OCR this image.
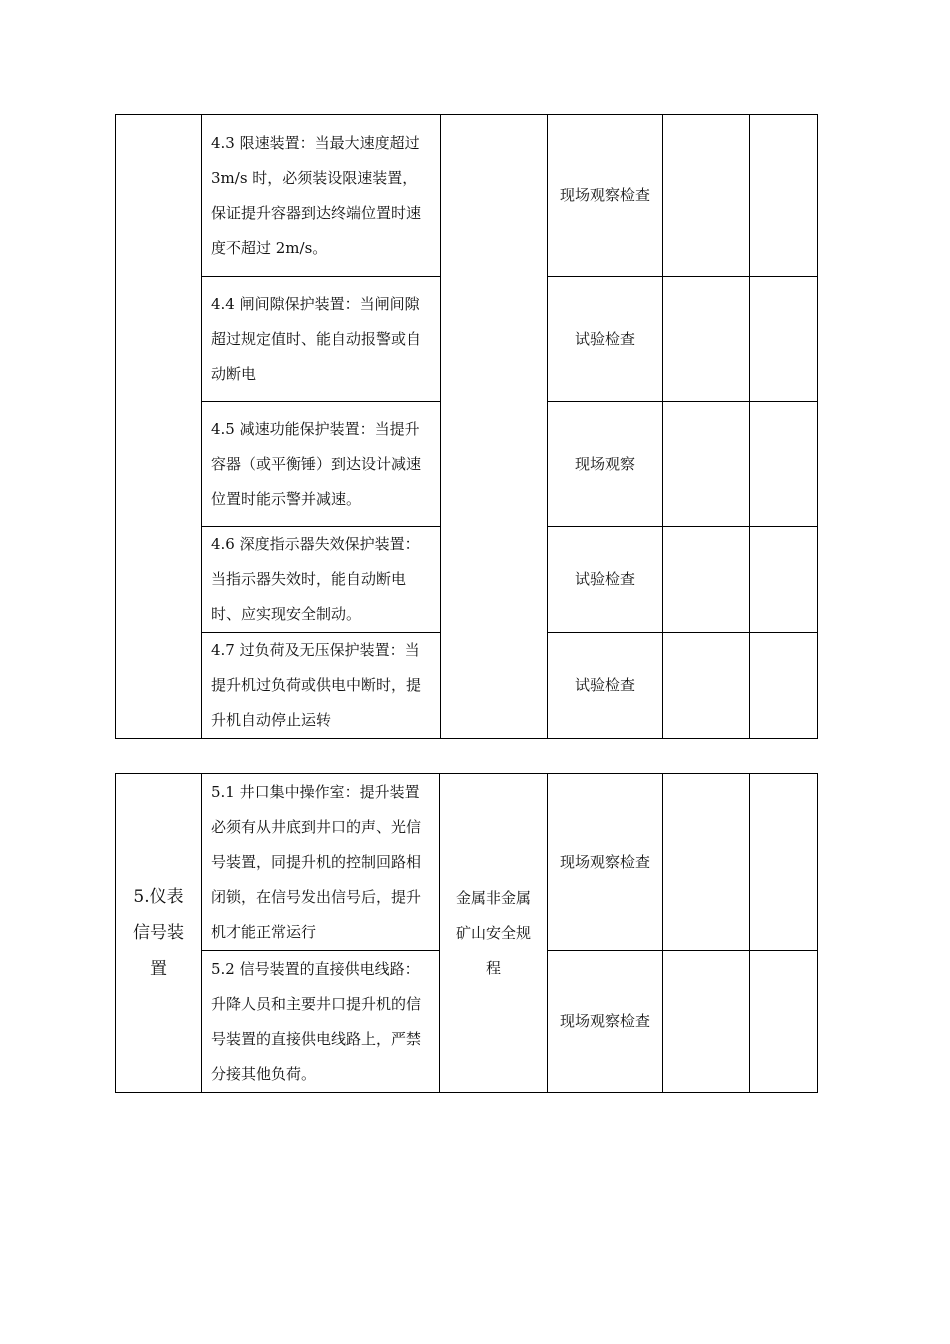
	4.3 限速装置：当最大速度超过 3m/s 时，必须装设限速装置，保证提升容器到达终端位置时速度不超过 2m/s。		现场观察检查		
	4.4 闸间隙保护装置：当闸间隙超过规定值时、能自动报警或自动断电		试验检查		
	4.5 减速功能保护装置：当提升容器（或平衡锤）到达设计减速位置时能示警并减速。		现场观察		
	4.6 深度指示器失效保护装置：当指示器失效时，能自动断电时、应实现安全制动。		试验检查		
	4.7 过负荷及无压保护装置：当提升机过负荷或供电中断时，提升机自动停止运转		试验检查		
5.仪表信号装置	5.1 井口集中操作室：提升装置必须有从井底到井口的声、光信号装置，同提升机的控制回路相闭锁，在信号发出信号后，提升机才能正常运行	金属非金属矿山安全规程	现场观察检查		
	5.2 信号装置的直接供电线路：升降人员和主要井口提升机的信号装置的直接供电线路上，严禁分接其他负荷。		现场观察检查		
